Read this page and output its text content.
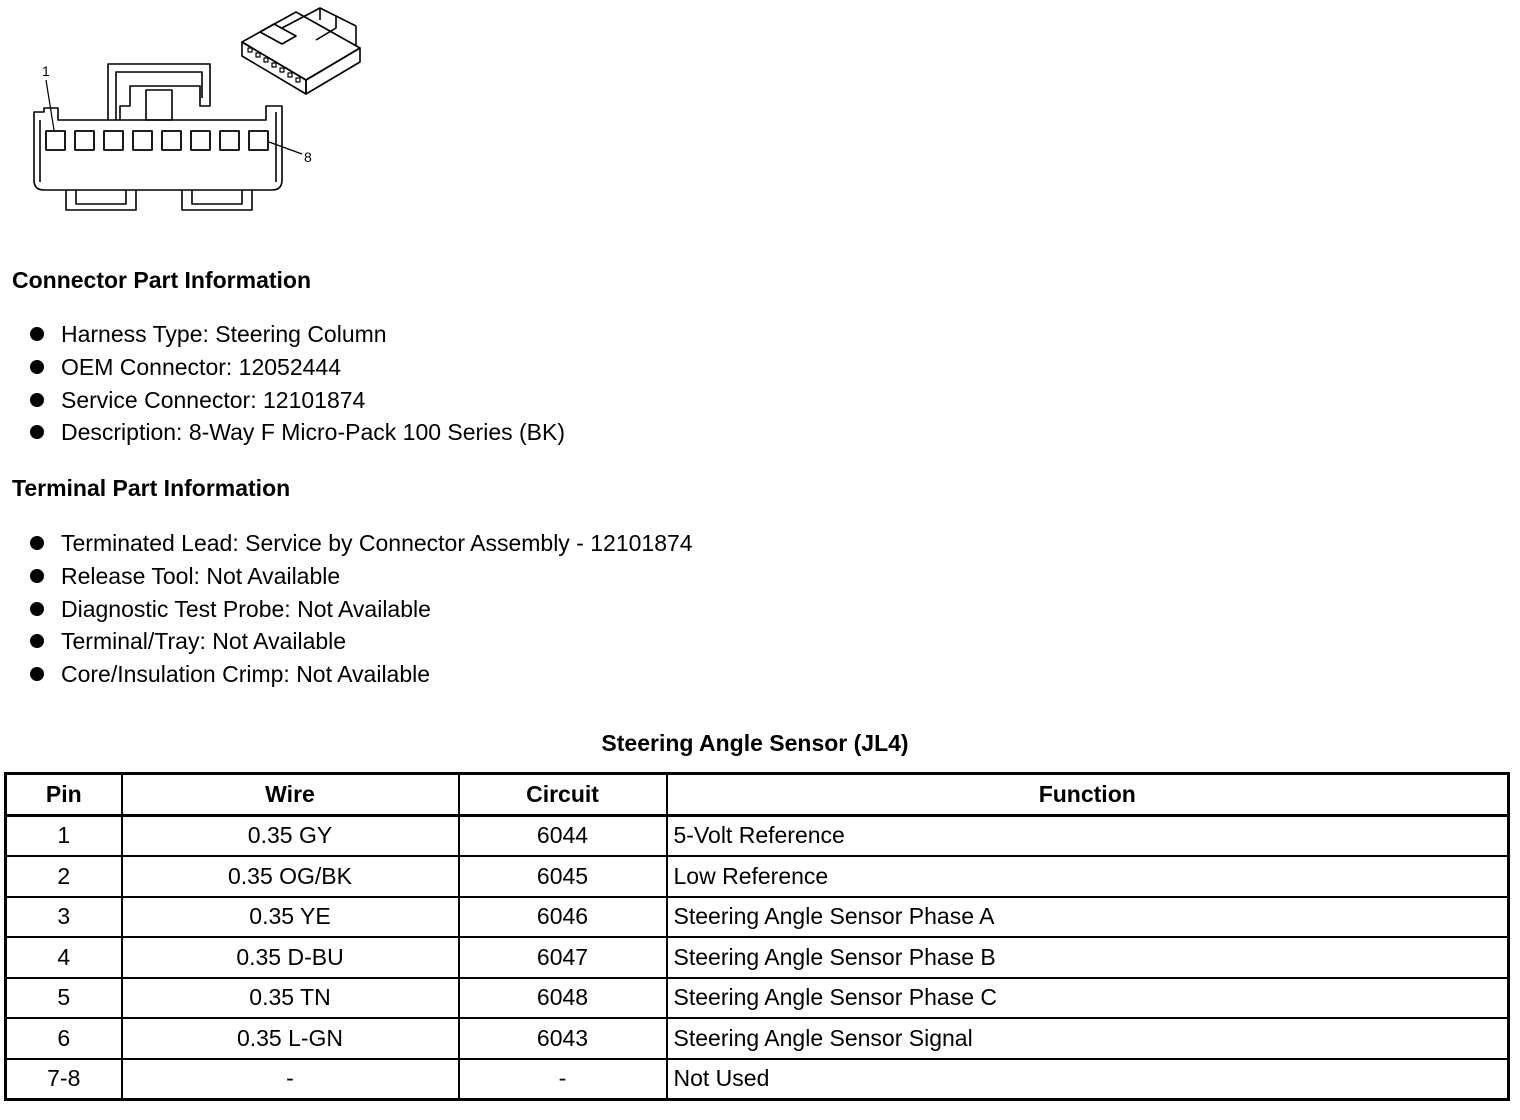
1
8
Connector Part Information
Harness Type: Steering Column
OEM Connector: 12052444
Service Connector: 12101874
Description: 8-Way F Micro-Pack 100 Series (BK)
Terminal Part Information
Terminated Lead: Service by Connector Assembly - 12101874
Release Tool: Not Available
Diagnostic Test Probe: Not Available
Terminal/Tray: Not Available
Core/Insulation Crimp: Not Available
Steering Angle Sensor (JL4)
Pin	Wire	Circuit	Function
1	0.35 GY	6044	5-Volt Reference
2	0.35 OG/BK	6045	Low Reference
3	0.35 YE	6046	Steering Angle Sensor Phase A
4	0.35 D-BU	6047	Steering Angle Sensor Phase B
5	0.35 TN	6048	Steering Angle Sensor Phase C
6	0.35 L-GN	6043	Steering Angle Sensor Signal
7-8	-	-	Not Used
